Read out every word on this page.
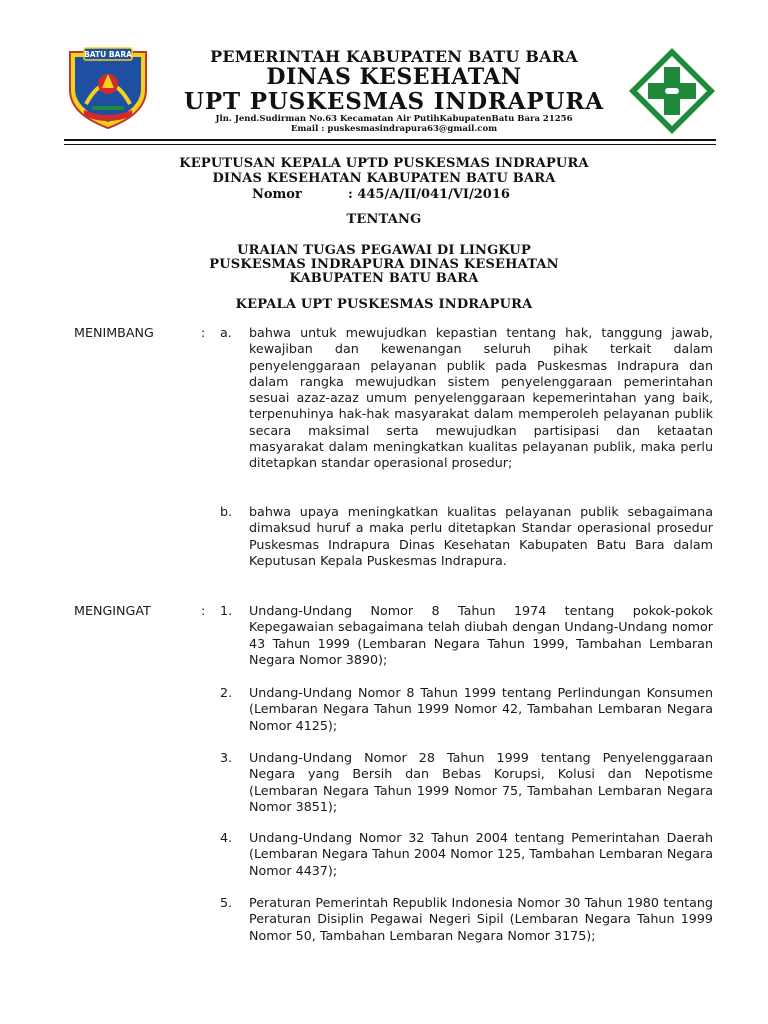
BATU BARA	PEMERINTAH KABUPATEN BATU BARA
DINAS KESEHATAN
UPT PUSKESMAS INDRAPURA
Jln. Jend.Sudirman No.63 Kecamatan Air PutihKabupatenBatu Bara 21256
Email : puskesmasindrapura63@gmail.com
KEPUTUSAN KEPALA UPTD PUSKESMAS INDRAPURA
DINAS KESEHATAN KABUPATEN BATU BARA
Nomor	: 445/A/II/041/VI/2016
TENTANG
URAIAN TUGAS PEGAWAI DI LINGKUP
PUSKESMAS INDRAPURA DINAS KESEHATAN
KABUPATEN BATU BARA
KEPALA UPT PUSKESMAS INDRAPURA
MENIMBANG	: a. bahwa untuk mewujudkan kepastian tentang hak, tanggung jawab, kewajiban dan kewenangan seluruh pihak terkait dalam penyelenggaraan pelayanan publik pada Puskesmas Indrapura dan dalam rangka mewujudkan sistem penyelenggaraan pemerintahan sesuai azaz-azaz umum penyelenggaraan kepemerintahan yang baik, terpenuhinya hak-hak masyarakat dalam memperoleh pelayanan publik secara maksimal serta mewujudkan partisipasi dan ketaatan masyarakat dalam meningkatkan kualitas pelayanan publik, maka perlu ditetapkan standar operasional prosedur;
b. bahwa upaya meningkatkan kualitas pelayanan publik sebagaimana dimaksud huruf a maka perlu ditetapkan Standar operasional prosedur Puskesmas Indrapura Dinas Kesehatan Kabupaten Batu Bara dalam Keputusan Kepala Puskesmas Indrapura.
MENGINGAT	: 1. Undang-Undang Nomor 8 Tahun 1974 tentang pokok-pokok Kepegawaian sebagaimana telah diubah dengan Undang-Undang nomor 43 Tahun 1999 (Lembaran Negara Tahun 1999, Tambahan Lembaran Negara Nomor 3890);
2. Undang-Undang Nomor 8 Tahun 1999 tentang Perlindungan Konsumen (Lembaran Negara Tahun 1999 Nomor 42, Tambahan Lembaran Negara Nomor 4125);
3. Undang-Undang Nomor 28 Tahun 1999 tentang Penyelenggaraan Negara yang Bersih dan Bebas Korupsi, Kolusi dan Nepotisme (Lembaran Negara Tahun 1999 Nomor 75, Tambahan Lembaran Negara Nomor 3851);
4. Undang-Undang Nomor 32 Tahun 2004 tentang Pemerintahan Daerah (Lembaran Negara Tahun 2004 Nomor 125, Tambahan Lembaran Negara Nomor 4437);
5. Peraturan Pemerintah Republik Indonesia Nomor 30 Tahun 1980 tentang Peraturan Disiplin Pegawai Negeri Sipil (Lembaran Negara Tahun 1999 Nomor 50, Tambahan Lembaran Negara Nomor 3175);
